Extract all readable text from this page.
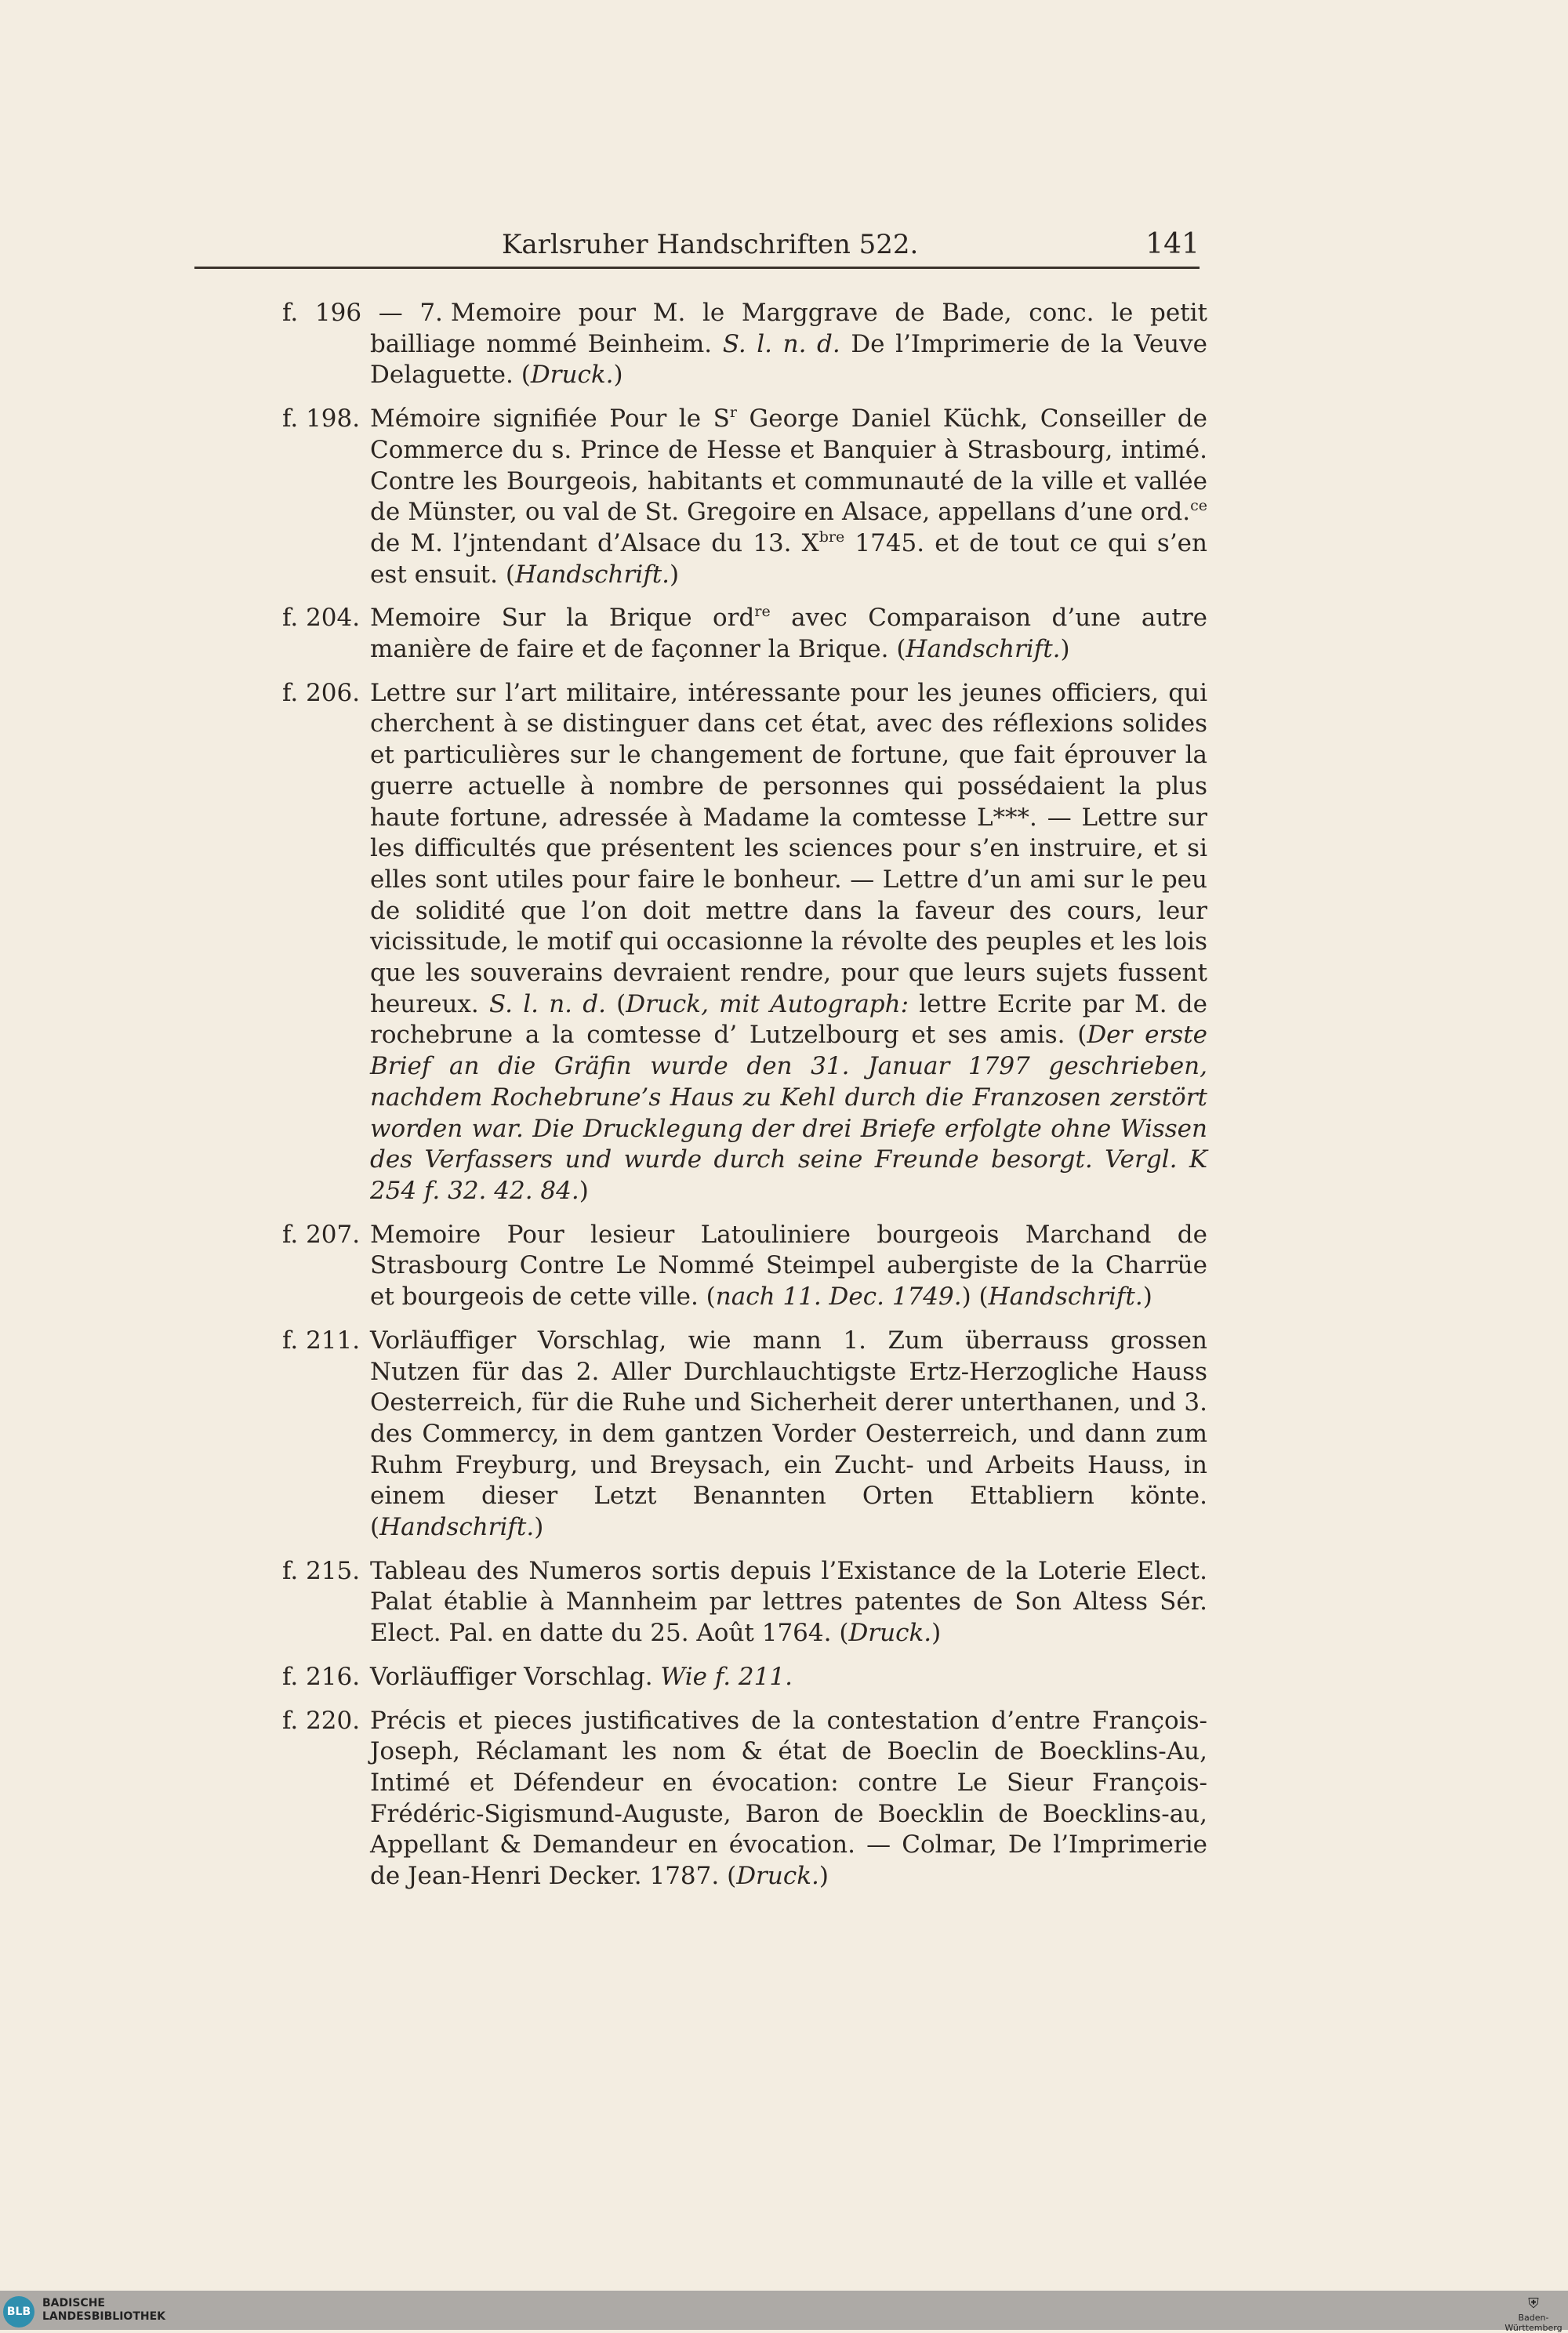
Karlsruher Handschriften 522.	141
f. 196 — 7. Memoire pour M. le Marggrave de Bade, conc. le petit bailliage nommé Beinheim. S. l. n. d. De l’Imprimerie de la Veuve Delaguette. (Druck.)
f. 198. Mémoire signifiée Pour le $S^r$ George Daniel Küchk, Conseiller de Commerce du s. Prince de Hesse et Banquier à Strasbourg, intimé. Contre les Bourgeois, habitants et communauté de la ville et vallée de Münster, ou val de St. Gregoire en Alsace, appellans d’une ord.$^{ce}$ de M. l’jntendant d’Alsace du 13. $X^{bre}$ 1745. et de tout ce qui s’en est ensuit. (Handschrift.)
f. 204. Memoire Sur la Brique ord$^{re}$ avec Comparaison d’une autre manière de faire et de façonner la Brique. (Handschrift.)
f. 206. Lettre sur l’art militaire, intéressante pour les jeunes officiers, qui cherchent à se distinguer dans cet état, avec des réflexions solides et particulières sur le changement de fortune, que fait éprouver la guerre actuelle à nombre de personnes qui possédaient la plus haute fortune, adressée à Madame la comtesse L***. — Lettre sur les difficultés que présentent les sciences pour s’en instruire, et si elles sont utiles pour faire le bonheur. — Lettre d’un ami sur le peu de solidité que l’on doit mettre dans la faveur des cours, leur vicissitude, le motif qui occasionne la révolte des peuples et les lois que les souverains devraient rendre, pour que leurs sujets fussent heureux. S. l. n. d. (Druck, mit Autograph: lettre Ecrite par M. de rochebrune a la comtesse d’ Lutzelbourg et ses amis. (Der erste Brief an die Gräfin wurde den 31. Januar 1797 geschrieben, nachdem Rochebrune’s Haus zu Kehl durch die Franzosen zerstört worden war. Die Drucklegung der drei Briefe erfolgte ohne Wissen des Verfassers und wurde durch seine Freunde besorgt. Vergl. K 254 f. 32. 42. 84.)
f. 207. Memoire Pour lesieur Latouliniere bourgeois Marchand de Strasbourg Contre Le Nommé Steimpel aubergiste de la Charrüe et bourgeois de cette ville. (nach 11. Dec. 1749.) (Handschrift.)
f. 211. Vorläuffiger Vorschlag, wie mann 1. Zum überrauss grossen Nutzen für das 2. Aller Durchlauchtigste Ertz-Herzogliche Hauss Oesterreich, für die Ruhe und Sicherheit derer unterthanen, und 3. des Commercy, in dem gantzen Vorder Oesterreich, und dann zum Ruhm Freyburg, und Breysach, ein Zucht- und Arbeits Hauss, in einem dieser Letzt Benannten Orten Ettabliern könte. (Handschrift.)
f. 215. Tableau des Numeros sortis depuis l’Existance de la Loterie Elect. Palat établie à Mannheim par lettres patentes de Son Altess Sér. Elect. Pal. en datte du 25. Août 1764. (Druck.)
f. 216. Vorläuffiger Vorschlag. Wie f. 211.
f. 220. Précis et pieces justificatives de la contestation d’entre François-Joseph, Réclamant les nom & état de Boeclin de Boecklins-Au, Intimé et Défendeur en évocation: contre Le Sieur François-Frédéric-Sigismund-Auguste, Baron de Boecklin de Boecklins-au, Appellant & Demandeur en évocation. — Colmar, De l’Imprimerie de Jean-Henri Decker. 1787. (Druck.)
BLB
BADISCHE
LANDESBIBLIOTHEK
⛨
Baden-Württemberg
